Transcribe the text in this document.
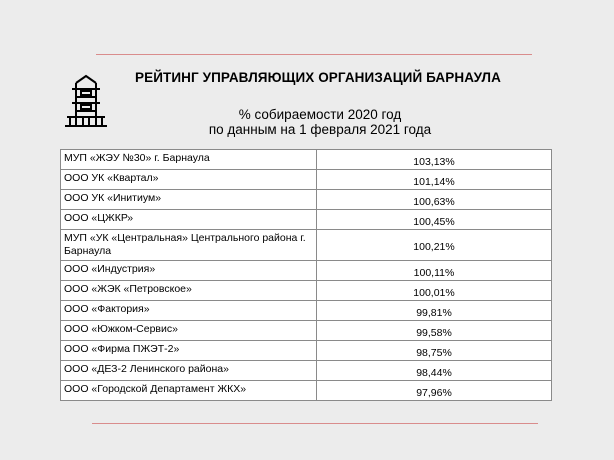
РЕЙТИНГ УПРАВЛЯЮЩИХ ОРГАНИЗАЦИЙ БАРНАУЛА
% собираемости 2020 год
по данным на 1 февраля 2021 года
МУП «ЖЭУ №30» г. Барнаула	103,13%
ООО УК «Квартал»	101,14%
ООО УК «Инитиум»	100,63%
ООО «ЦЖКР»	100,45%
МУП «УК «Центральная» Центрального района г. Барнаула	100,21%
ООО «Индустрия»	100,11%
ООО «ЖЭК «Петровское»	100,01%
ООО «Фактория»	99,81%
ООО «Южком-Сервис»	99,58%
ООО «Фирма ПЖЭТ-2»	98,75%
ООО «ДЕЗ-2 Ленинского района»	98,44%
ООО «Городской Департамент ЖКХ»	97,96%
